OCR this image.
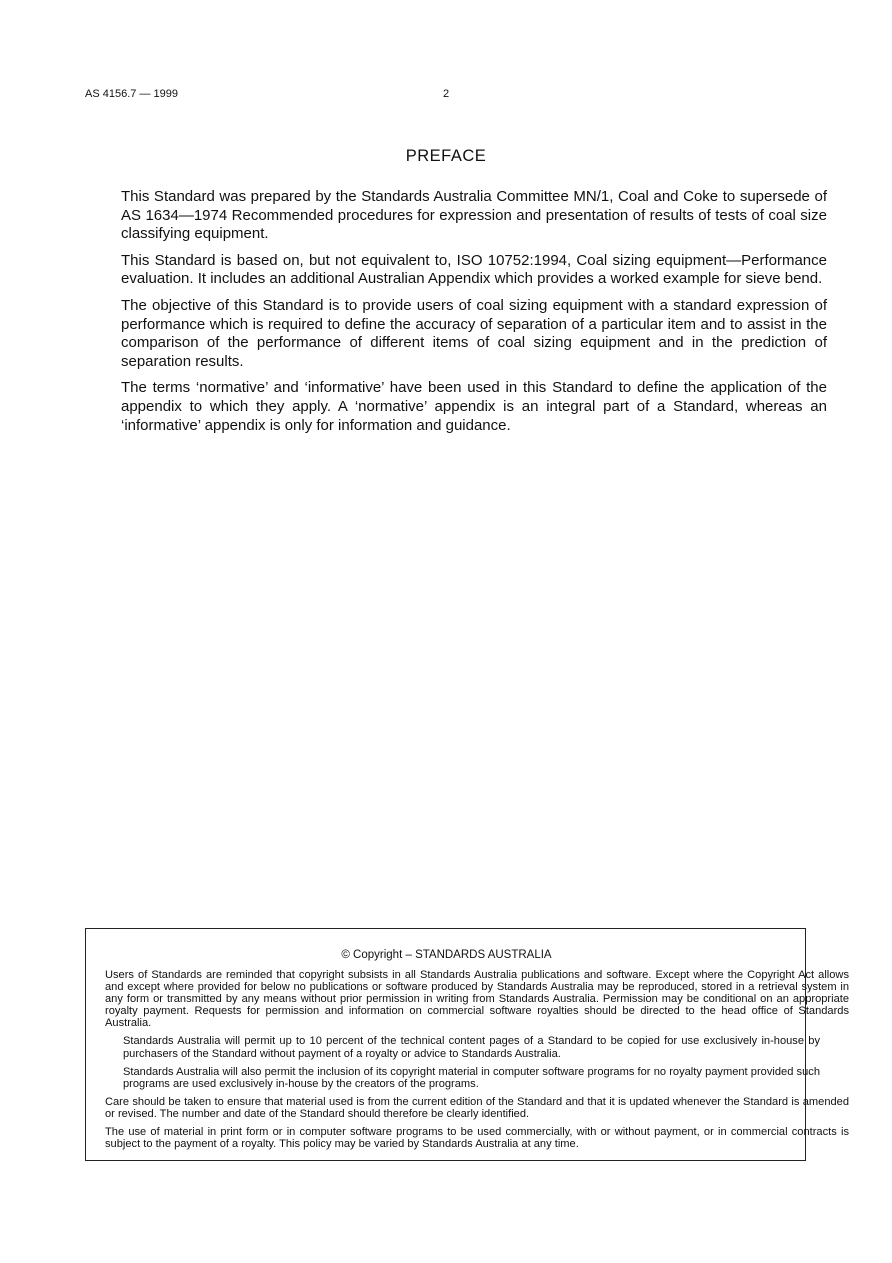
AS 4156.7 — 1999	2
PREFACE

This Standard was prepared by the Standards Australia Committee MN/1, Coal and Coke to supersede of AS 1634—1974 Recommended procedures for expression and presentation of results of tests of coal size classifying equipment.

This Standard is based on, but not equivalent to, ISO 10752:1994, Coal sizing equipment—Performance evaluation. It includes an additional Australian Appendix which provides a worked example for sieve bend.

The objective of this Standard is to provide users of coal sizing equipment with a standard expression of performance which is required to define the accuracy of separation of a particular item and to assist in the comparison of the performance of different items of coal sizing equipment and in the prediction of separation results.

The terms ‘normative’ and ‘informative’ have been used in this Standard to define the application of the appendix to which they apply. A ‘normative’ appendix is an integral part of a Standard, whereas an ‘informative’ appendix is only for information and guidance.

© Copyright – STANDARDS AUSTRALIA

Users of Standards are reminded that copyright subsists in all Standards Australia publications and software. Except where the Copyright Act allows and except where provided for below no publications or software produced by Standards Australia may be reproduced, stored in a retrieval system in any form or transmitted by any means without prior permission in writing from Standards Australia. Permission may be conditional on an appropriate royalty payment. Requests for permission and information on commercial software royalties should be directed to the head office of Standards Australia.

Standards Australia will permit up to 10 percent of the technical content pages of a Standard to be copied for use exclusively in-house by purchasers of the Standard without payment of a royalty or advice to Standards Australia.

Standards Australia will also permit the inclusion of its copyright material in computer software programs for no royalty payment provided such programs are used exclusively in-house by the creators of the programs.

Care should be taken to ensure that material used is from the current edition of the Standard and that it is updated whenever the Standard is amended or revised. The number and date of the Standard should therefore be clearly identified.

The use of material in print form or in computer software programs to be used commercially, with or without payment, or in commercial contracts is subject to the payment of a royalty. This policy may be varied by Standards Australia at any time.
